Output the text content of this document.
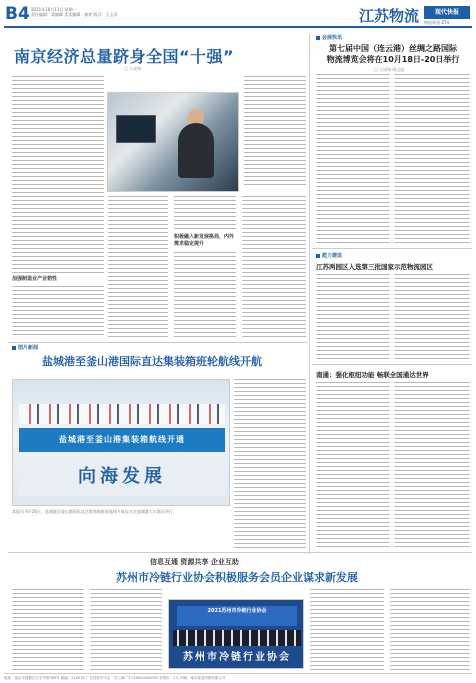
B4 2021年10月11日 星期一
责任编辑：梁晓峰 美术编辑：郭欢 版式：王玉萍	江苏物流	现代快报
物流周刊 ZT4
南京经济总量跻身全国“十强”
□ 王成锡
加强制造业产业韧性
积极融入新发展格局，内外需求稳定提升
会展快讯
第七届中国（连云港）丝绸之路国际
物流博览会将在10月18日-20日举行
□ 王成锡 顾文彪
能力建设
江苏两园区入选第三批国家示范物流园区
南通：强化枢纽功能 畅联全国通达世界
图片新闻
盐城港至釜山港国际直达集装箱班轮航线开航
盐城港至釜山港集装箱航线开通
向海发展
本报讯 9月26日，盐城港至釜山港国际直达集装箱班轮航线开航仪式在盐城港大丰港区举行。
信息互通 资源共享 企业互助
苏州市冷链行业协会积极服务会员企业谋求新发展
2021苏州市冷链行业协会
苏州市冷链行业协会
地址：南京市建邺区江东中路369号 邮编：210019 广告经营许可证：苏工商广字320000000090 零售价：1元 印刷：南京报业印刷有限公司
